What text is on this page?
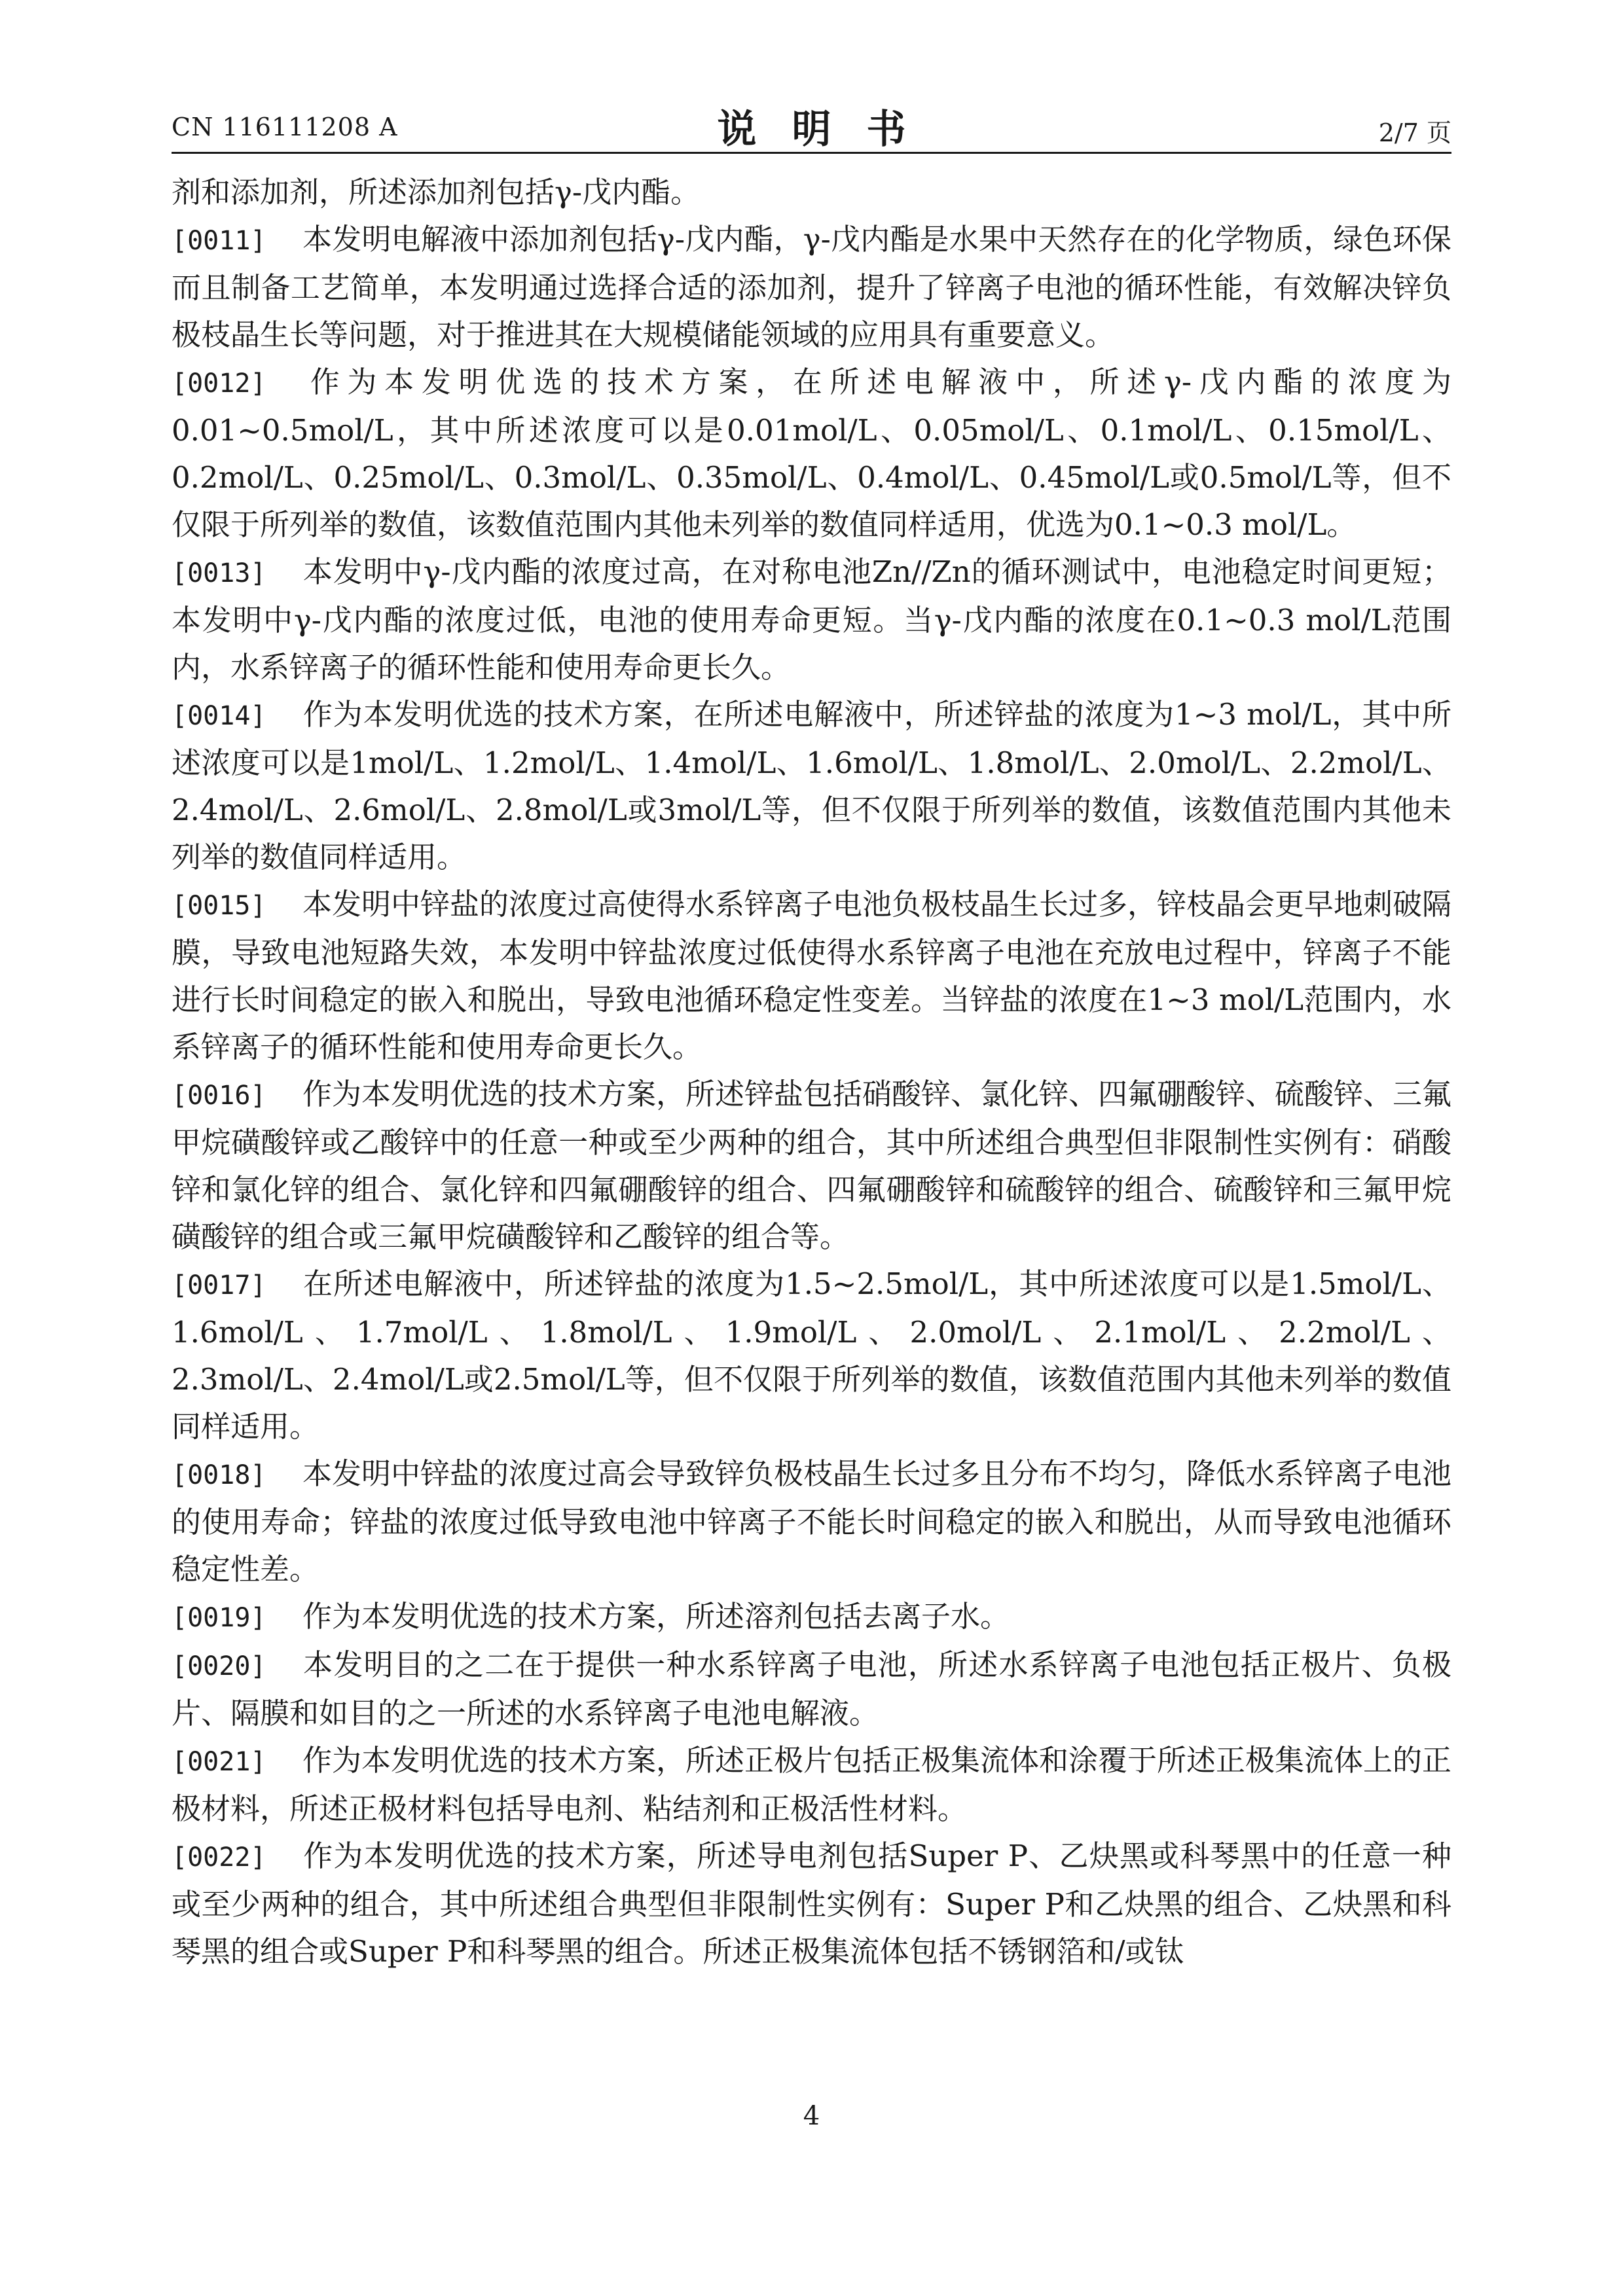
CN 116111208 A	说明书	2/7 页

剂和添加剂，所述添加剂包括γ-戊内酯。

[0011] 本发明电解液中添加剂包括γ-戊内酯，γ-戊内酯是水果中天然存在的化学物质，绿色环保而且制备工艺简单，本发明通过选择合适的添加剂，提升了锌离子电池的循环性能，有效解决锌负极枝晶生长等问题，对于推进其在大规模储能领域的应用具有重要意义。

[0012] 作为本发明优选的技术方案，在所述电解液中，所述γ-戊内酯的浓度为0.01~0.5mol/L，其中所述浓度可以是0.01mol/L、0.05mol/L、0.1mol/L、0.15mol/L、0.2mol/L、0.25mol/L、0.3mol/L、0.35mol/L、0.4mol/L、0.45mol/L或0.5mol/L等，但不仅限于所列举的数值，该数值范围内其他未列举的数值同样适用，优选为0.1~0.3 mol/L。

[0013] 本发明中γ-戊内酯的浓度过高，在对称电池Zn//Zn的循环测试中，电池稳定时间更短；本发明中γ-戊内酯的浓度过低，电池的使用寿命更短。当γ-戊内酯的浓度在0.1~0.3 mol/L范围内，水系锌离子的循环性能和使用寿命更长久。

[0014] 作为本发明优选的技术方案，在所述电解液中，所述锌盐的浓度为1~3 mol/L，其中所述浓度可以是1mol/L、1.2mol/L、1.4mol/L、1.6mol/L、1.8mol/L、2.0mol/L、2.2mol/L、2.4mol/L、2.6mol/L、2.8mol/L或3mol/L等，但不仅限于所列举的数值，该数值范围内其他未列举的数值同样适用。

[0015] 本发明中锌盐的浓度过高使得水系锌离子电池负极枝晶生长过多，锌枝晶会更早地刺破隔膜，导致电池短路失效，本发明中锌盐浓度过低使得水系锌离子电池在充放电过程中，锌离子不能进行长时间稳定的嵌入和脱出，导致电池循环稳定性变差。当锌盐的浓度在1~3 mol/L范围内，水系锌离子的循环性能和使用寿命更长久。

[0016] 作为本发明优选的技术方案，所述锌盐包括硝酸锌、氯化锌、四氟硼酸锌、硫酸锌、三氟甲烷磺酸锌或乙酸锌中的任意一种或至少两种的组合，其中所述组合典型但非限制性实例有：硝酸锌和氯化锌的组合、氯化锌和四氟硼酸锌的组合、四氟硼酸锌和硫酸锌的组合、硫酸锌和三氟甲烷磺酸锌的组合或三氟甲烷磺酸锌和乙酸锌的组合等。

[0017] 在所述电解液中，所述锌盐的浓度为1.5~2.5mol/L，其中所述浓度可以是1.5mol/L、1.6mol/L、1.7mol/L、1.8mol/L、1.9mol/L、2.0mol/L、2.1mol/L、2.2mol/L、2.3mol/L、2.4mol/L或2.5mol/L等，但不仅限于所列举的数值，该数值范围内其他未列举的数值同样适用。

[0018] 本发明中锌盐的浓度过高会导致锌负极枝晶生长过多且分布不均匀，降低水系锌离子电池的使用寿命；锌盐的浓度过低导致电池中锌离子不能长时间稳定的嵌入和脱出，从而导致电池循环稳定性差。

[0019] 作为本发明优选的技术方案，所述溶剂包括去离子水。

[0020] 本发明目的之二在于提供一种水系锌离子电池，所述水系锌离子电池包括正极片、负极片、隔膜和如目的之一所述的水系锌离子电池电解液。

[0021] 作为本发明优选的技术方案，所述正极片包括正极集流体和涂覆于所述正极集流体上的正极材料，所述正极材料包括导电剂、粘结剂和正极活性材料。

[0022] 作为本发明优选的技术方案，所述导电剂包括Super P、乙炔黑或科琴黑中的任意一种或至少两种的组合，其中所述组合典型但非限制性实例有：Super P和乙炔黑的组合、乙炔黑和科琴黑的组合或Super P和科琴黑的组合。所述正极集流体包括不锈钢箔和/或钛

4
